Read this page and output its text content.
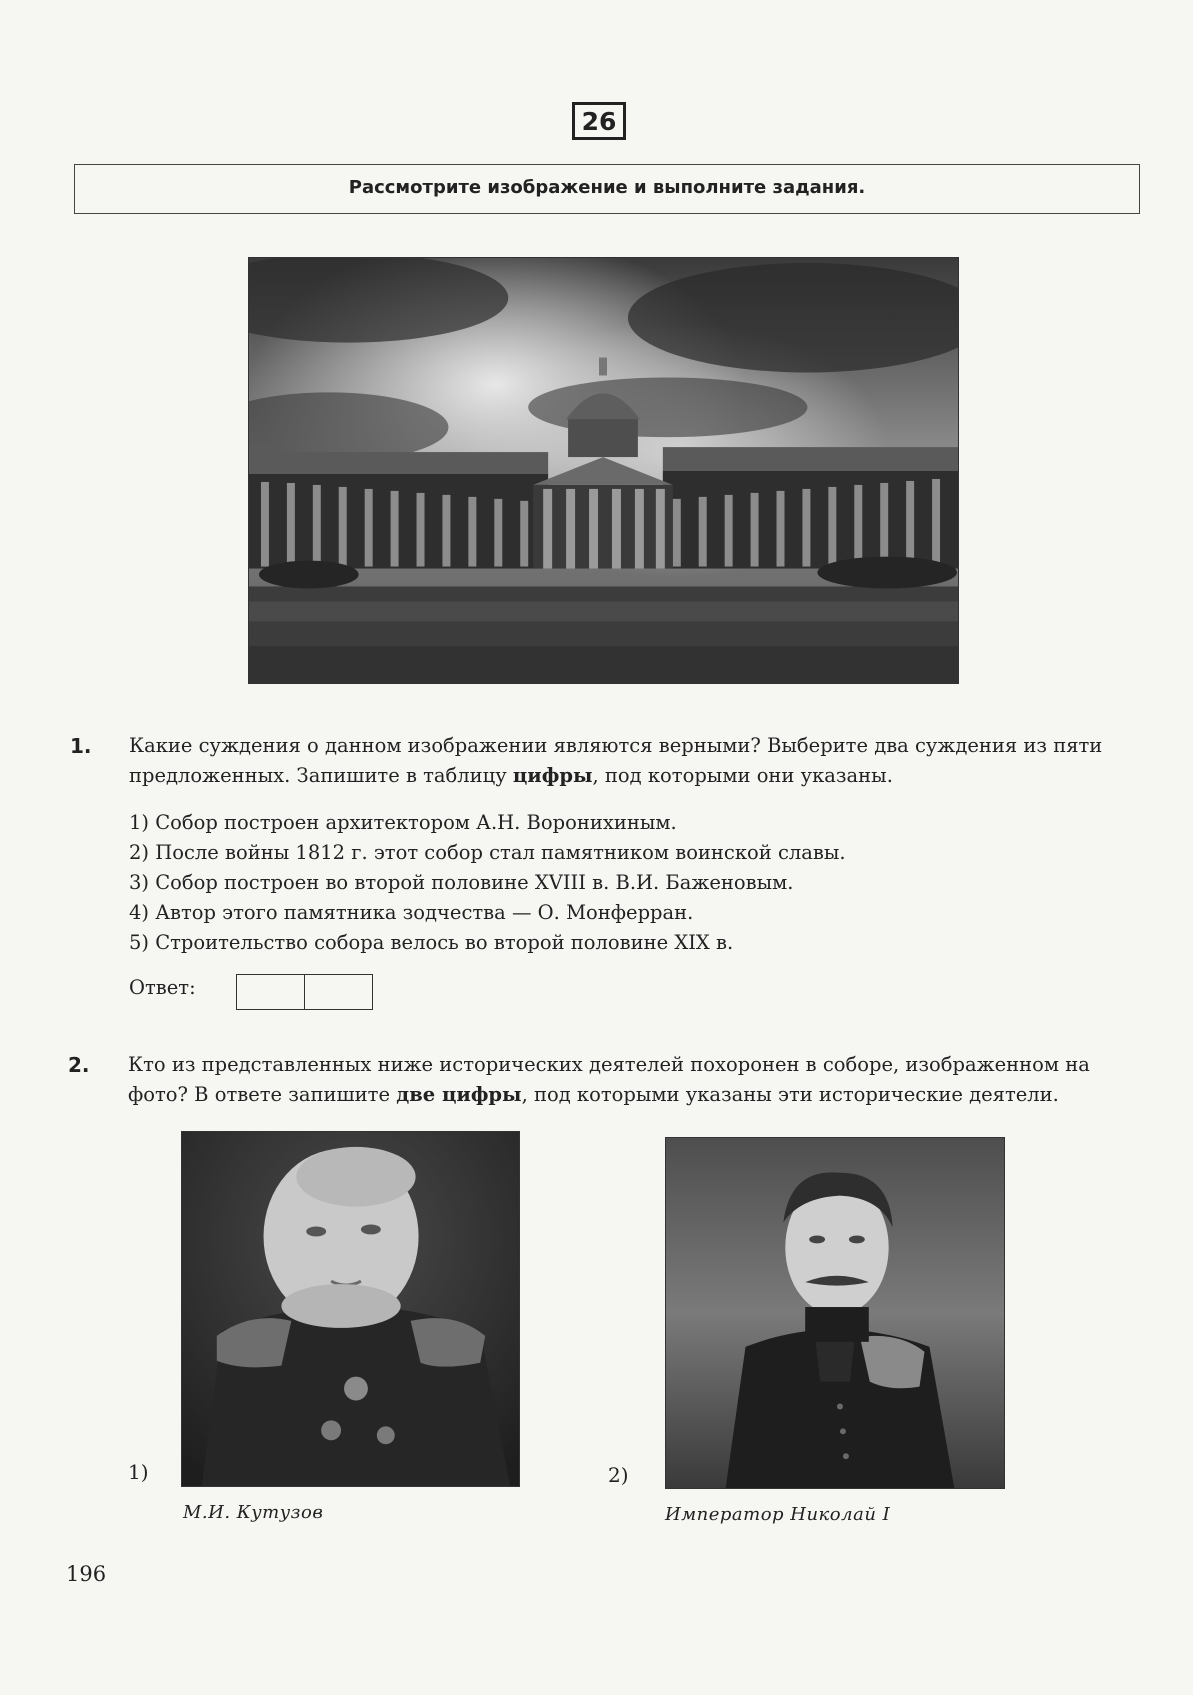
26
Рассмотрите изображение и выполните задания.
1. Какие суждения о данном изображении являются верными? Выберите два суждения из пяти предложенных. Запишите в таблицу цифры, под которыми они указаны.
1) Собор построен архитектором А.Н. Воронихиным.
2) После войны 1812 г. этот собор стал памятником воинской славы.
3) Собор построен во второй половине XVIII в. В.И. Баженовым.
4) Автор этого памятника зодчества — О. Монферран.
5) Строительство собора велось во второй половине XIX в.
Ответ:
2. Кто из представленных ниже исторических деятелей похоронен в соборе, изображенном на фото? В ответе запишите две цифры, под которыми указаны эти исторические деятели.
1)
М.И. Кутузов
2)
Император Николай I
196
